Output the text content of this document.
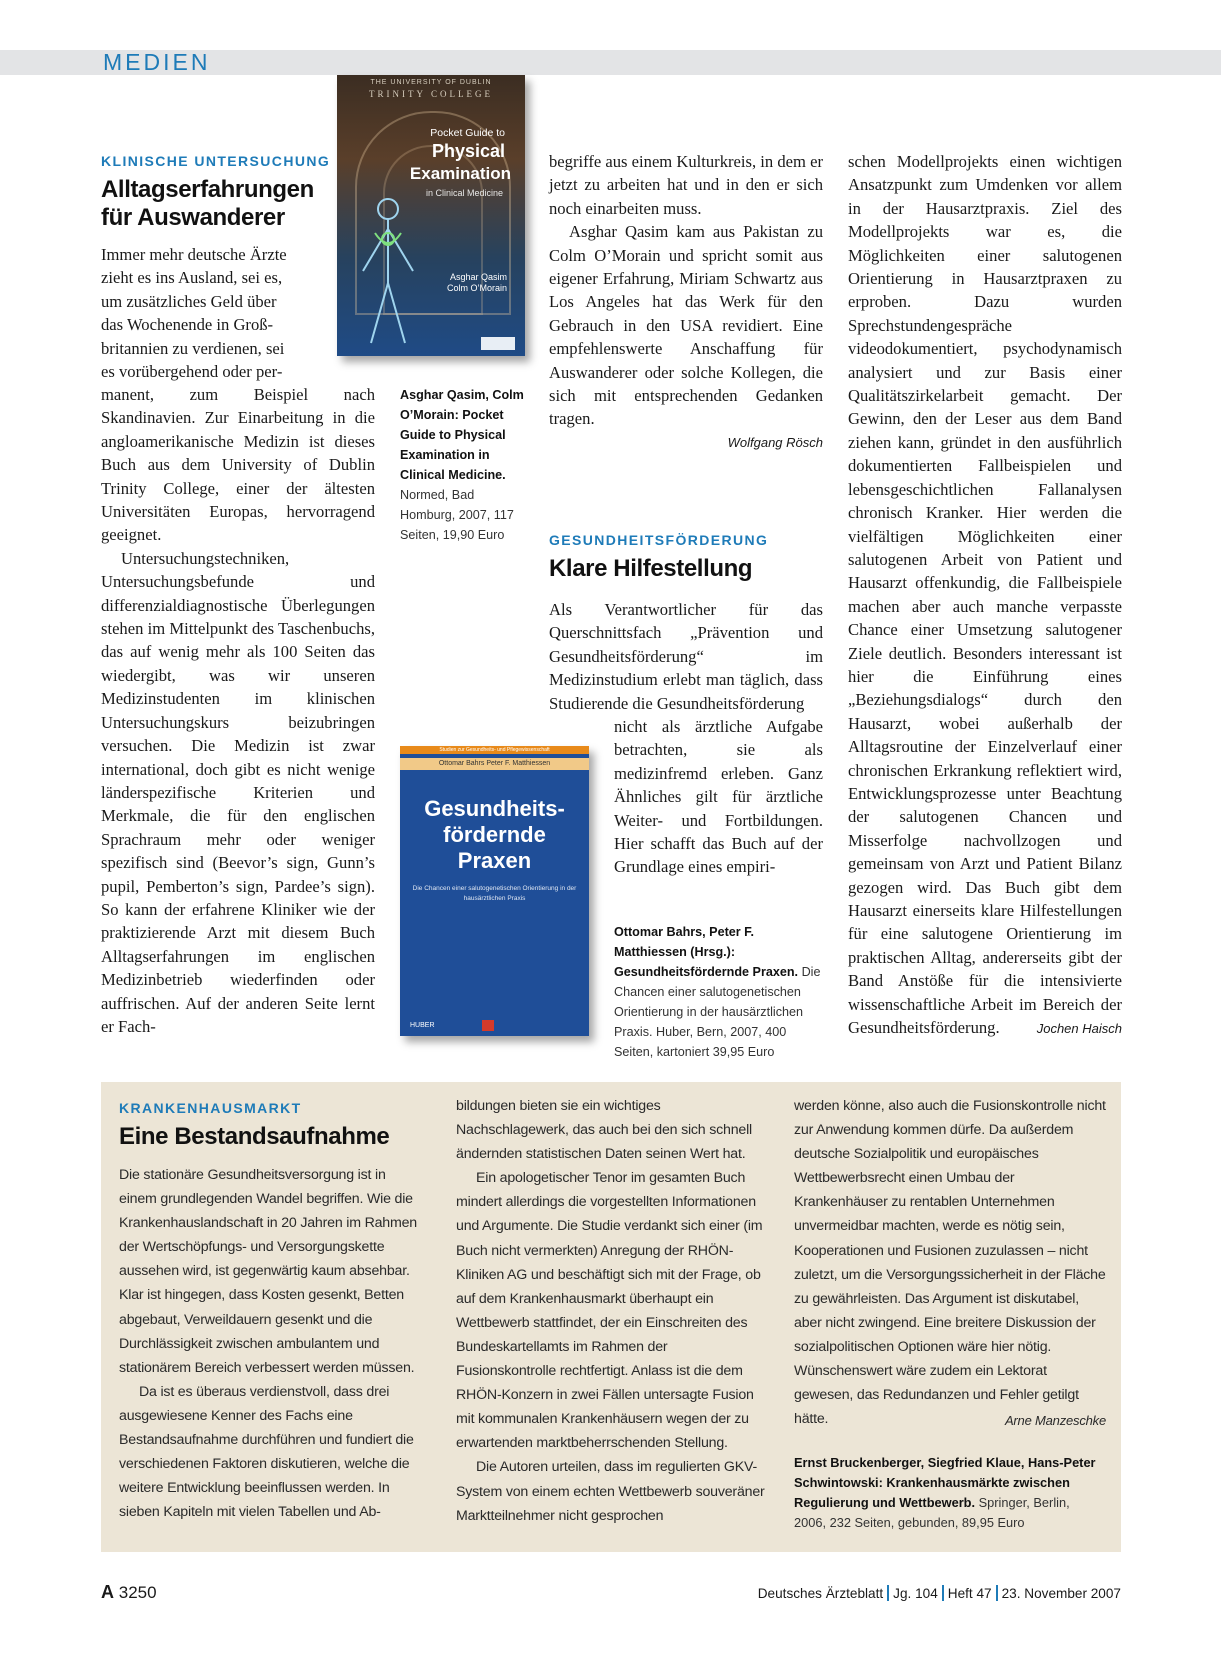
MEDIEN
KLINISCHE UNTERSUCHUNG
Alltagserfahrungen für Auswanderer
Immer mehr deutsche Ärzte
zieht es ins Ausland, sei es,
um zusätzliches Geld über
das Wochenende in Groß-
britannien zu verdienen, sei
es vorübergehend oder per-

manent, zum Beispiel nach Skandinavien. Zur Einarbeitung in die angloamerikanische Medizin ist dieses Buch aus dem University of Dublin Trinity College, einer der ältesten Universitäten Europas, hervorragend geeignet.

Untersuchungstechniken, Untersuchungsbefunde und differenzialdiagnostische Überlegungen stehen im Mittelpunkt des Taschenbuchs, das auf wenig mehr als 100 Seiten das wiedergibt, was wir unseren Medizinstudenten im klinischen Untersuchungskurs beizubringen versuchen. Die Medizin ist zwar international, doch gibt es nicht wenige länderspezifische Kriterien und Merkmale, die für den englischen Sprachraum mehr oder weniger spezifisch sind (Beevor’s sign, Gunn’s pupil, Pemberton’s sign, Pardee’s sign). So kann der erfahrene Kliniker wie der praktizierende Arzt mit diesem Buch Alltagserfahrungen im englischen Medizinbetrieb wiederfinden oder auffrischen. Auf der anderen Seite lernt er Fach-

THE UNIVERSITY OF DUBLIN
TRINITY COLLEGE
Pocket Guide to
Physical
Examination
in Clinical Medicine
Asghar Qasim
Colm O’Morain
Asghar Qasim, Colm O’Morain: Pocket Guide to Physical Examination in Clinical Medicine. Normed, Bad Homburg, 2007, 117 Seiten, 19,90 Euro

begriffe aus einem Kulturkreis, in dem er jetzt zu arbeiten hat und in den er sich noch einarbeiten muss.

Asghar Qasim kam aus Pakistan zu Colm O’Morain und spricht somit aus eigener Erfahrung, Miriam Schwartz aus Los Angeles hat das Werk für den Gebrauch in den USA revidiert. Eine empfehlenswerte Anschaffung für Auswanderer oder solche Kollegen, die sich mit entsprechenden Gedanken tragen.

Wolfgang Rösch
GESUNDHEITSFÖRDERUNG
Klare Hilfestellung

Als Verantwortlicher für das Querschnittsfach „Prävention und Gesundheitsförderung“ im Medizinstudium erlebt man täglich, dass Studierende die Gesundheitsförderung

nicht als ärztliche Aufgabe betrachten, sie als medizinfremd erleben. Ganz Ähnliches gilt für ärztliche Weiter- und Fortbildungen. Hier schafft das Buch auf der Grundlage eines empiri-

Studien zur Gesundheits- und Pflegewissenschaft
Ottomar Bahrs Peter F. Matthiessen
Gesundheits-
fördernde
Praxen
Die Chancen einer salutogenetischen Orientierung in der hausärztlichen Praxis
HUBER
Ottomar Bahrs, Peter F. Matthiessen (Hrsg.): Gesundheitsfördernde Praxen. Die Chancen einer salutogenetischen Orientierung in der hausärztlichen Praxis. Huber, Bern, 2007, 400 Seiten, kartoniert 39,95 Euro

schen Modellprojekts einen wichtigen Ansatzpunkt zum Umdenken vor allem in der Hausarztpraxis. Ziel des Modellprojekts war es, die Möglichkeiten einer salutogenen Orientierung in Hausarztpraxen zu erproben. Dazu wurden Sprechstundengespräche videodokumentiert, psychodynamisch analysiert und zur Basis einer Qualitätszirkelarbeit gemacht. Der Gewinn, den der Leser aus dem Band ziehen kann, gründet in den ausführlich dokumentierten Fallbeispielen und lebensgeschichtlichen Fallanalysen chronisch Kranker. Hier werden die vielfältigen Möglichkeiten einer salutogenen Arbeit von Patient und Hausarzt offenkundig, die Fallbeispiele machen aber auch manche verpasste Chance einer Umsetzung salutogener Ziele deutlich. Besonders interessant ist hier die Einführung eines „Beziehungsdialogs“ durch den Hausarzt, wobei außerhalb der Alltagsroutine der Einzelverlauf einer chronischen Erkrankung reflektiert wird, Entwicklungsprozesse unter Beachtung der salutogenen Chancen und Misserfolge nachvollzogen und gemeinsam von Arzt und Patient Bilanz gezogen wird. Das Buch gibt dem Hausarzt einerseits klare Hilfestellungen für eine salutogene Orientierung im praktischen Alltag, andererseits gibt der Band Anstöße für die intensivierte wissenschaftliche Arbeit im Bereich der Gesundheitsförderung.	Jochen Haisch
KRANKENHAUSMARKT
Eine Bestandsaufnahme

Die stationäre Gesundheitsversorgung ist in einem grundlegenden Wandel begriffen. Wie die Krankenhauslandschaft in 20 Jahren im Rahmen der Wertschöpfungs- und Versorgungskette aussehen wird, ist gegenwärtig kaum absehbar. Klar ist hingegen, dass Kosten gesenkt, Betten abgebaut, Verweildauern gesenkt und die Durchlässigkeit zwischen ambulantem und stationärem Bereich verbessert werden müssen.

Da ist es überaus verdienstvoll, dass drei ausgewiesene Kenner des Fachs eine Bestandsaufnahme durchführen und fundiert die verschiedenen Faktoren diskutieren, welche die weitere Entwicklung beeinflussen werden. In sieben Kapiteln mit vielen Tabellen und Ab-

bildungen bieten sie ein wichtiges Nachschlagewerk, das auch bei den sich schnell ändernden statistischen Daten seinen Wert hat.

Ein apologetischer Tenor im gesamten Buch mindert allerdings die vorgestellten Informationen und Argumente. Die Studie verdankt sich einer (im Buch nicht vermerkten) Anregung der RHÖN-Kliniken AG und beschäftigt sich mit der Frage, ob auf dem Krankenhausmarkt überhaupt ein Wettbewerb stattfindet, der ein Einschreiten des Bundeskartellamts im Rahmen der Fusionskontrolle rechtfertigt. Anlass ist die dem RHÖN-Konzern in zwei Fällen untersagte Fusion mit kommunalen Krankenhäusern wegen der zu erwartenden marktbeherrschenden Stellung.

Die Autoren urteilen, dass im regulierten GKV-System von einem echten Wettbewerb souveräner Marktteilnehmer nicht gesprochen

werden könne, also auch die Fusionskontrolle nicht zur Anwendung kommen dürfe. Da außerdem deutsche Sozialpolitik und europäisches Wettbewerbsrecht einen Umbau der Krankenhäuser zu rentablen Unternehmen unvermeidbar machten, werde es nötig sein, Kooperationen und Fusionen zuzulassen – nicht zuletzt, um die Versorgungssicherheit in der Fläche zu gewährleisten. Das Argument ist diskutabel, aber nicht zwingend. Eine breitere Diskussion der sozialpolitischen Optionen wäre hier nötig. Wünschenswert wäre zudem ein Lektorat gewesen, das Redundanzen und Fehler getilgt hätte.	Arne Manzeschke
Ernst Bruckenberger, Siegfried Klaue, Hans-Peter Schwintowski: Krankenhausmärkte zwischen Regulierung und Wettbewerb. Springer, Berlin, 2006, 232 Seiten, gebunden, 89,95 Euro
A 3250	Deutsches Ärzteblatt Jg. 104 Heft 47 23. November 2007
